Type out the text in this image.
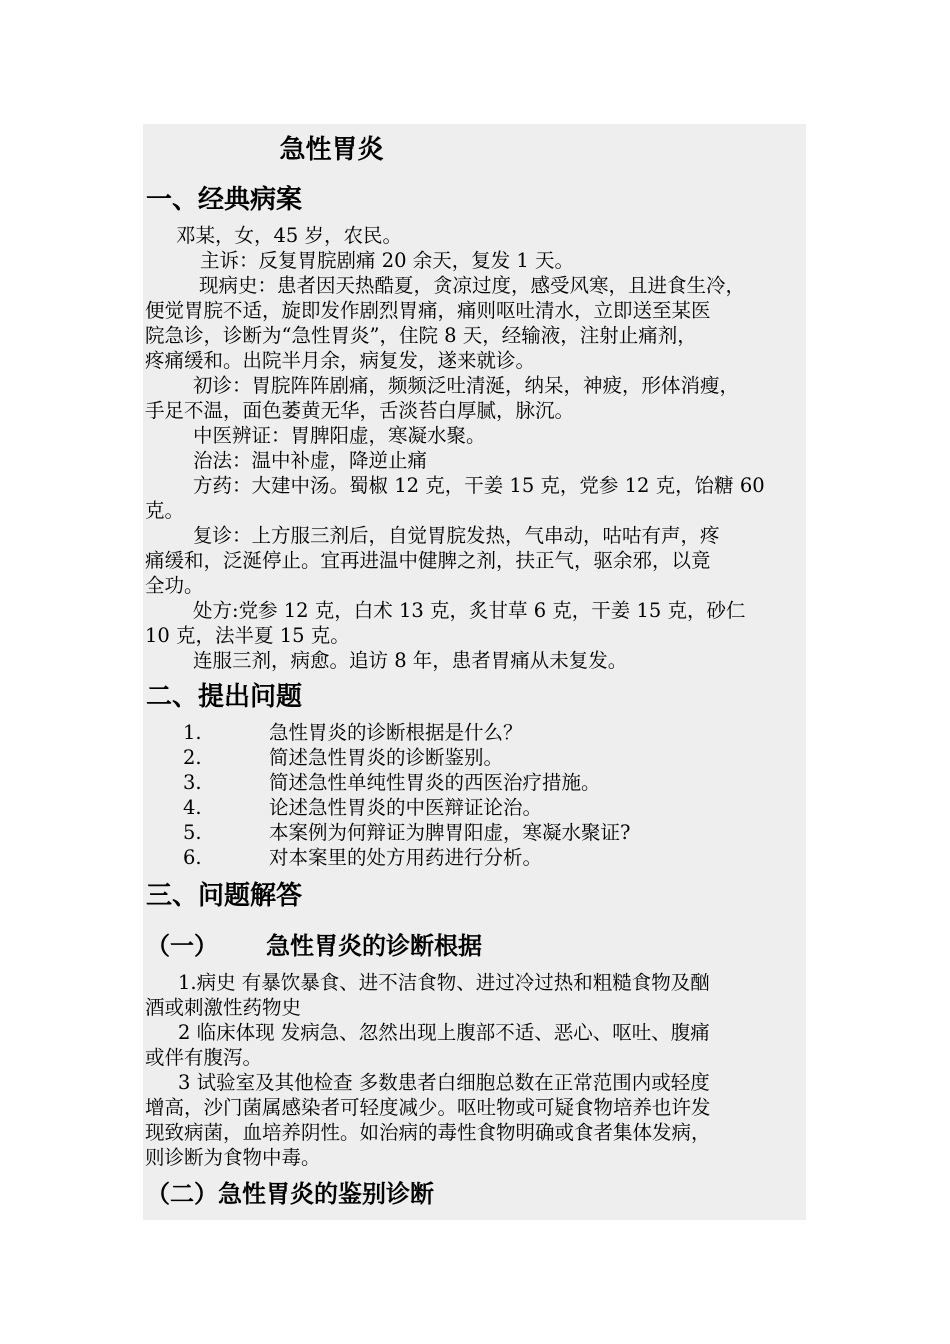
急性胃炎
一、经典病案
邓某，女，45 岁，农民。
主诉：反复胃脘剧痛 20 余天，复发 1 天。
现病史：患者因天热酷夏，贪凉过度，感受风寒，且进食生冷，
便觉胃脘不适，旋即发作剧烈胃痛，痛则呕吐清水，立即送至某医
院急诊，诊断为“急性胃炎”，住院 8 天，经输液，注射止痛剂，
疼痛缓和。出院半月余，病复发，遂来就诊。
初诊：胃脘阵阵剧痛，频频泛吐清涎，纳呆，神疲，形体消瘦，
手足不温，面色萎黄无华，舌淡苔白厚腻，脉沉。
中医辨证：胃脾阳虚，寒凝水聚。
治法：温中补虚，降逆止痛
方药：大建中汤。蜀椒 12 克，干姜 15 克，党参 12 克，饴糖 60
克。
复诊：上方服三剂后，自觉胃脘发热，气串动，咕咕有声，疼
痛缓和，泛涎停止。宜再进温中健脾之剂，扶正气，驱余邪，以竟
全功。
处方:党参 12 克，白术 13 克，炙甘草 6 克，干姜 15 克，砂仁
10 克，法半夏 15 克。
连服三剂，病愈。追访 8 年，患者胃痛从未复发。
二、提出问题
1.	急性胃炎的诊断根据是什么？
2.	简述急性胃炎的诊断鉴别。
3.	简述急性单纯性胃炎的西医治疗措施。
4.	论述急性胃炎的中医辩证论治。
5.	本案例为何辩证为脾胃阳虚，寒凝水聚证?
6.	对本案里的处方用药进行分析。
三、问题解答
（一） 急性胃炎的诊断根据
1.病史 有暴饮暴食、进不洁食物、进过冷过热和粗糙食物及酗
酒或刺激性药物史
2 临床体现 发病急、忽然出现上腹部不适、恶心、呕吐、腹痛
或伴有腹泻。
3 试验室及其他检查 多数患者白细胞总数在正常范围内或轻度
增高，沙门菌属感染者可轻度减少。呕吐物或可疑食物培养也许发
现致病菌，血培养阴性。如治病的毒性食物明确或食者集体发病，
则诊断为食物中毒。
（二）急性胃炎的鉴别诊断
